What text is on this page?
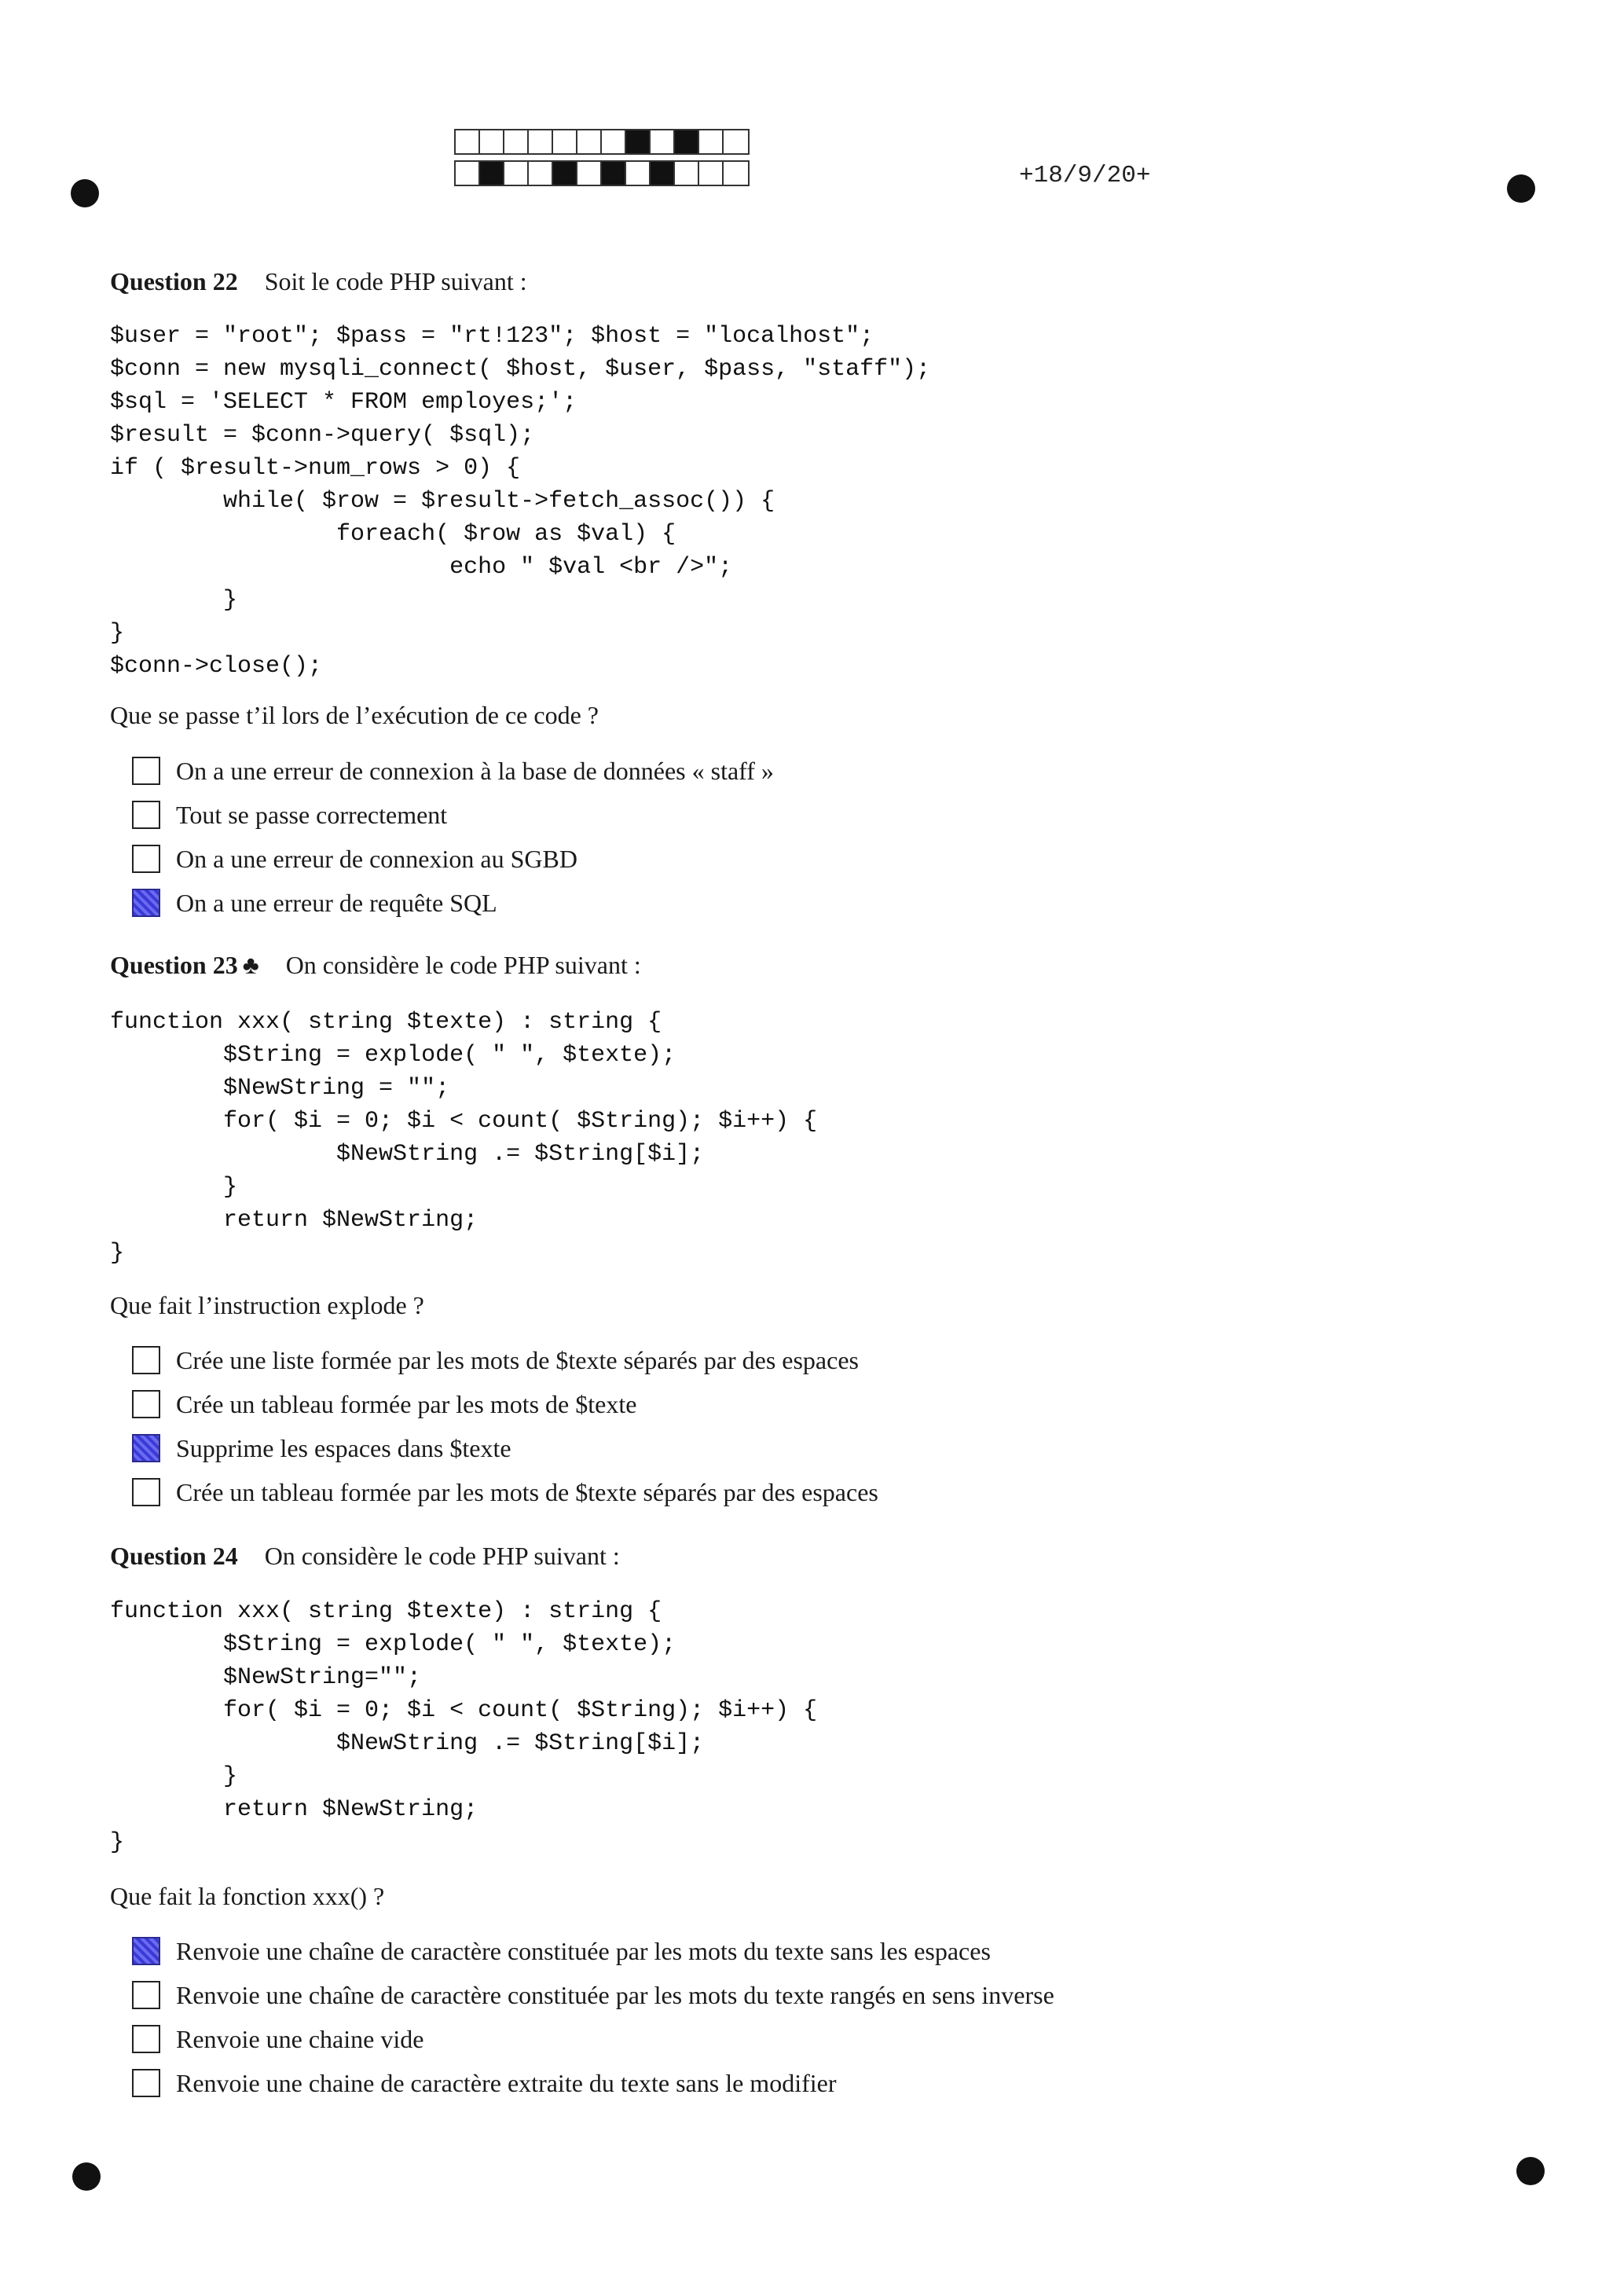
+18/9/20+
Question 22 Soit le code PHP suivant :
$user = "root"; $pass = "rt!123"; $host = "localhost";
$conn = new mysqli_connect( $host, $user, $pass, "staff");
$sql = 'SELECT * FROM employes;';
$result = $conn->query( $sql);
if ( $result->num_rows > 0) {
while( $row = $result->fetch_assoc()) {
foreach( $row as $val) {
echo " $val <br />";
}
}
$conn->close();
Que se passe t’il lors de l’exécution de ce code ?
On a une erreur de connexion à la base de données « staff »
Tout se passe correctement
On a une erreur de connexion au SGBD
On a une erreur de requête SQL
Question 23 ♣ On considère le code PHP suivant :
function xxx( string $texte) : string {
$String = explode( " ", $texte);
$NewString = "";
for( $i = 0; $i < count( $String); $i++) {
$NewString .= $String[$i];
}
return $NewString;
}
Que fait l’instruction explode ?
Crée une liste formée par les mots de $texte séparés par des espaces
Crée un tableau formée par les mots de $texte
Supprime les espaces dans $texte
Crée un tableau formée par les mots de $texte séparés par des espaces
Question 24 On considère le code PHP suivant :
function xxx( string $texte) : string {
$String = explode( " ", $texte);
$NewString="";
for( $i = 0; $i < count( $String); $i++) {
$NewString .= $String[$i];
}
return $NewString;
}
Que fait la fonction xxx() ?
Renvoie une chaîne de caractère constituée par les mots du texte sans les espaces
Renvoie une chaîne de caractère constituée par les mots du texte rangés en sens inverse
Renvoie une chaine vide
Renvoie une chaine de caractère extraite du texte sans le modifier
